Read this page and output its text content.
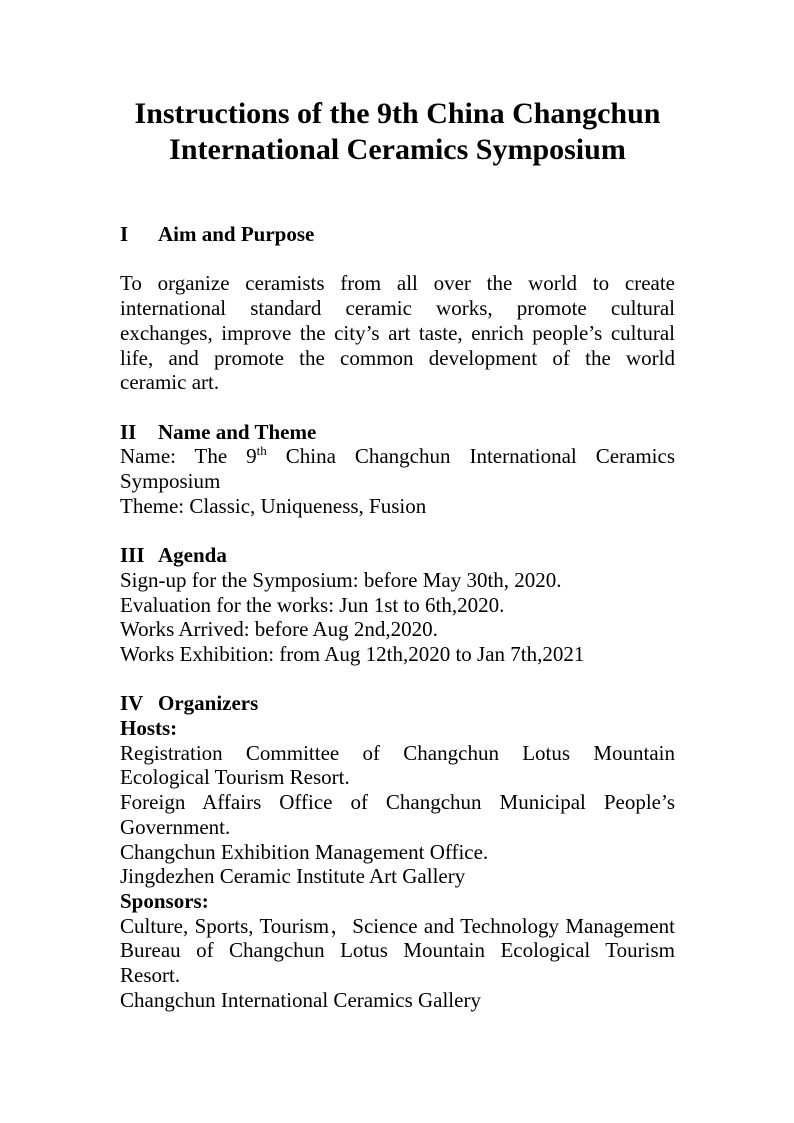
Instructions of the 9th China Changchun
International Ceramics Symposium
I Aim and Purpose

To organize ceramists from all over the world to create

international standard ceramic works, promote cultural

exchanges, improve the city’s art taste, enrich people’s cultural

life, and promote the common development of the world

ceramic art.

II Name and Theme

Name: The 9th China Changchun International Ceramics

Symposium

Theme: Classic, Uniqueness, Fusion

III Agenda

Sign-up for the Symposium: before May 30th, 2020.

Evaluation for the works: Jun 1st to 6th,2020.

Works Arrived: before Aug 2nd,2020.

Works Exhibition: from Aug 12th,2020 to Jan 7th,2021

IV Organizers

Hosts:

Registration Committee of Changchun Lotus Mountain

Ecological Tourism Resort.

Foreign Affairs Office of Changchun Municipal People’s

Government.

Changchun Exhibition Management Office.

Jingdezhen Ceramic Institute Art Gallery

Sponsors:

Culture, Sports, Tourism，Science and Technology Management

Bureau of Changchun Lotus Mountain Ecological Tourism

Resort.

Changchun International Ceramics Gallery
